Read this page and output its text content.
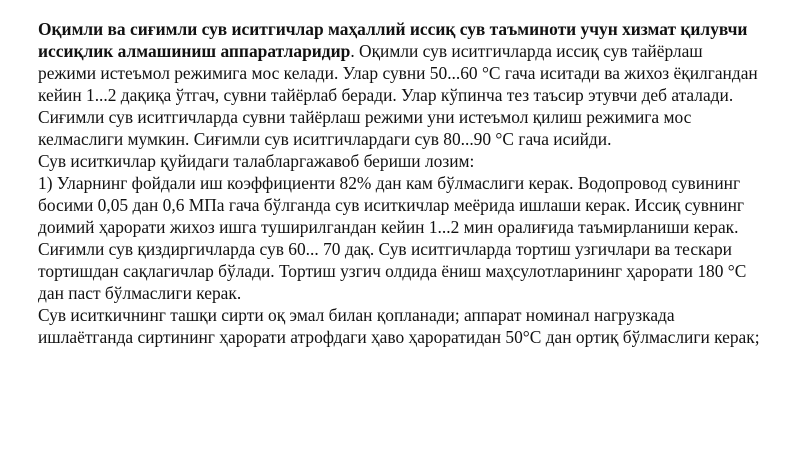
Оқимли ва сиғимли сув иситгичлар маҳаллий иссиқ сув таъминоти учун хизмат қилувчи иссиқлик алмашиниш аппаратларидир. Оқимли сув иситгичларда иссиқ сув тайёрлаш режими истеъмол режимига мос келади. Улар сувни 50...60 °С гача иситади ва жихоз ёқилгандан кейин 1...2 дақиқа ўтгач, сувни тайёрлаб беради. Улар кўпинча тез таъсир этувчи деб аталади. Сиғимли сув иситгичларда сувни тайёрлаш режими уни истеъмол қилиш режимига мос келмаслиги мумкин. Сиғимли сув иситгичлардаги сув 80...90 °С гача исийди.

Сув иситкичлар қуйидаги талабларгажавоб бериши лозим:

1) Уларнинг фойдали иш коэффициенти 82% дан кам бўлмаслиги керак. Водопровод сувининг босими 0,05 дан 0,6 МПа гача бўлганда сув иситкичлар меёрида ишлаши керак. Иссиқ сувнинг доимий ҳарорати жихоз ишга туширилгандан кейин 1...2 мин оралиғида таъмирланиши керак. Сиғимли сув қиздиргичларда сув 60... 70 дақ. Сув иситгичларда тортиш узгичлари ва тескари тортишдан сақлагичлар бўлади. Тортиш узгич олдида ёниш маҳсулотларининг ҳарорати 180 °С дан паст бўлмаслиги керак.

Сув иситкичнинг ташқи сирти оқ эмал билан қопланади; аппарат номинал нагрузкада ишлаётганда сиртининг ҳарорати атрофдаги ҳаво ҳароратидан 50°С дан ортиқ бўлмаслиги керак;
